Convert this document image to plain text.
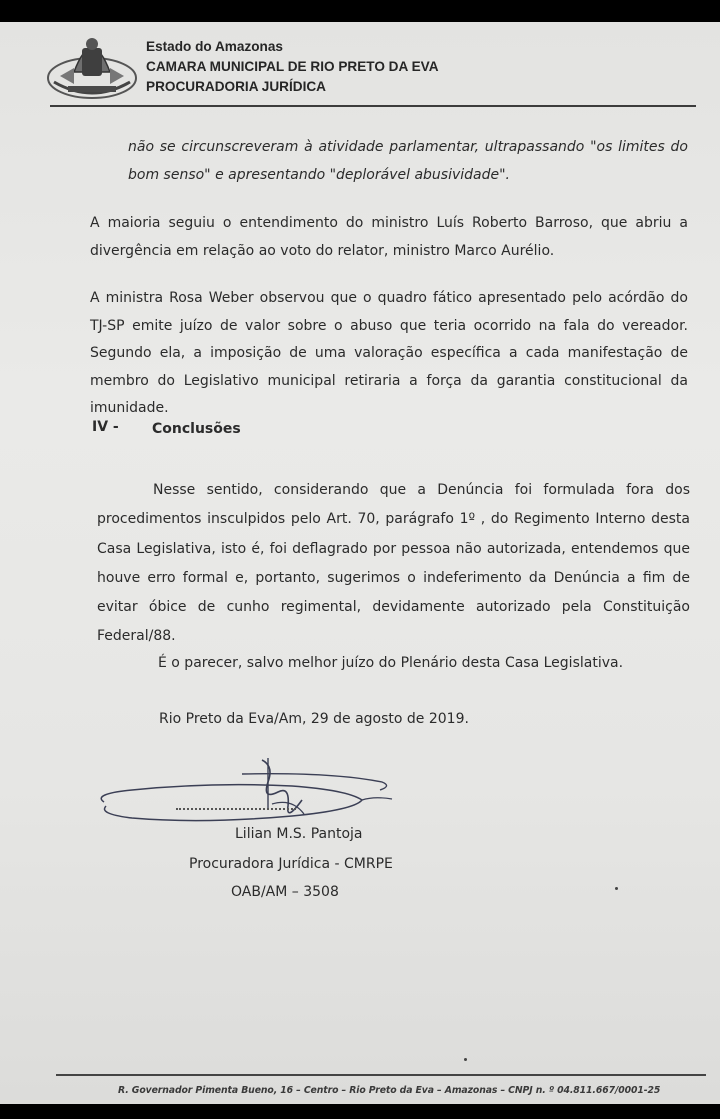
Estado do Amazonas
CAMARA MUNICIPAL DE RIO PRETO DA EVA
PROCURADORIA JURÍDICA
não se circunscreveram à atividade parlamentar, ultrapassando "os limites do bom senso" e apresentando "deplorável abusividade".
A maioria seguiu o entendimento do ministro Luís Roberto Barroso, que abriu a divergência em relação ao voto do relator, ministro Marco Aurélio.
A ministra Rosa Weber observou que o quadro fático apresentado pelo acórdão do TJ-SP emite juízo de valor sobre o abuso que teria ocorrido na fala do vereador. Segundo ela, a imposição de uma valoração específica a cada manifestação de membro do Legislativo municipal retiraria a força da garantia constitucional da imunidade.
IV - Conclusões
Nesse sentido, considerando que a Denúncia foi formulada fora dos procedimentos insculpidos pelo Art. 70, parágrafo 1º , do Regimento Interno desta Casa Legislativa, isto é, foi deflagrado por pessoa não autorizada, entendemos que houve erro formal e, portanto, sugerimos o indeferimento da Denúncia a fim de evitar óbice de cunho regimental, devidamente autorizado pela Constituição Federal/88.
É o parecer, salvo melhor juízo do Plenário desta Casa Legislativa.
Rio Preto da Eva/Am, 29 de agosto de 2019.
Lilian M.S. Pantoja
Procuradora Jurídica - CMRPE
OAB/AM – 3508
R. Governador Pimenta Bueno, 16 – Centro – Rio Preto da Eva – Amazonas – CNPJ n. º 04.811.667/0001-25
